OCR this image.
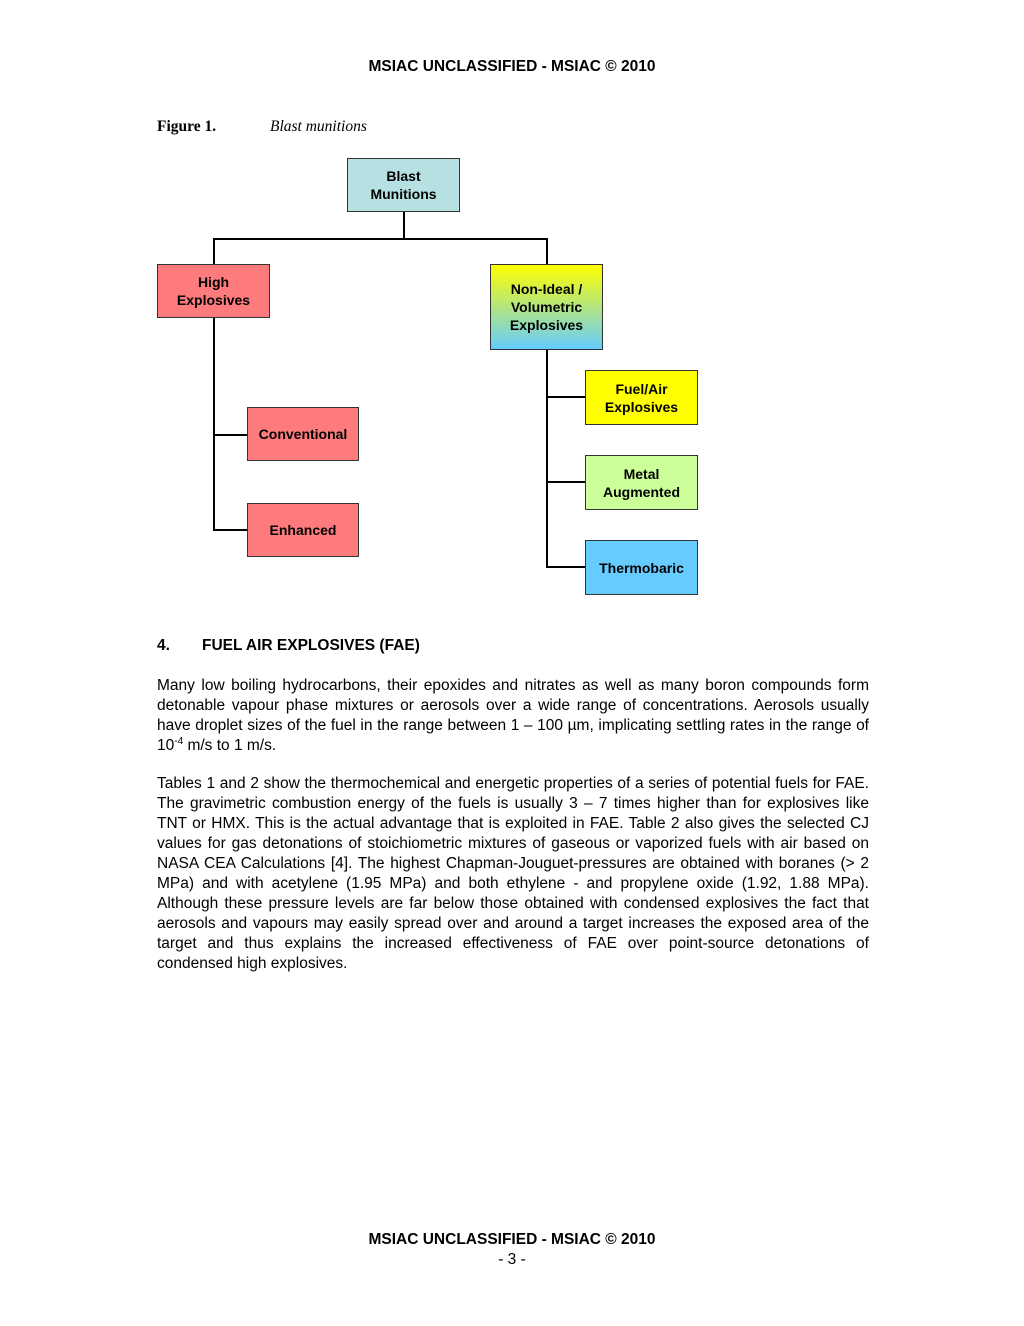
MSIAC UNCLASSIFIED - MSIAC © 2010
Figure 1.	Blast munitions
Blast
Munitions
High
Explosives
Non-Ideal /
Volumetric
Explosives
Conventional
Enhanced
Fuel/Air
Explosives
Metal
Augmented
Thermobaric
4. FUEL AIR EXPLOSIVES (FAE)
Many low boiling hydrocarbons, their epoxides and nitrates as well as many boron compounds form detonable vapour phase mixtures or aerosols over a wide range of concentrations. Aerosols usually have droplet sizes of the fuel in the range between 1 – 100 µm, implicating settling rates in the range of $10^{-4}$ m/s to 1 m/s.
Tables 1 and 2 show the thermochemical and energetic properties of a series of potential fuels for FAE. The gravimetric combustion energy of the fuels is usually 3 – 7 times higher than for explosives like TNT or HMX. This is the actual advantage that is exploited in FAE. Table 2 also gives the selected CJ values for gas detonations of stoichiometric mixtures of gaseous or vaporized fuels with air based on NASA CEA Calculations [4]. The highest Chapman-Jouguet-pressures are obtained with boranes (> 2 MPa) and with acetylene (1.95 MPa) and both ethylene - and propylene oxide (1.92, 1.88 MPa). Although these pressure levels are far below those obtained with condensed explosives the fact that aerosols and vapours may easily spread over and around a target increases the exposed area of the target and thus explains the increased effectiveness of FAE over point-source detonations of condensed high explosives.
MSIAC UNCLASSIFIED - MSIAC © 2010
- 3 -
